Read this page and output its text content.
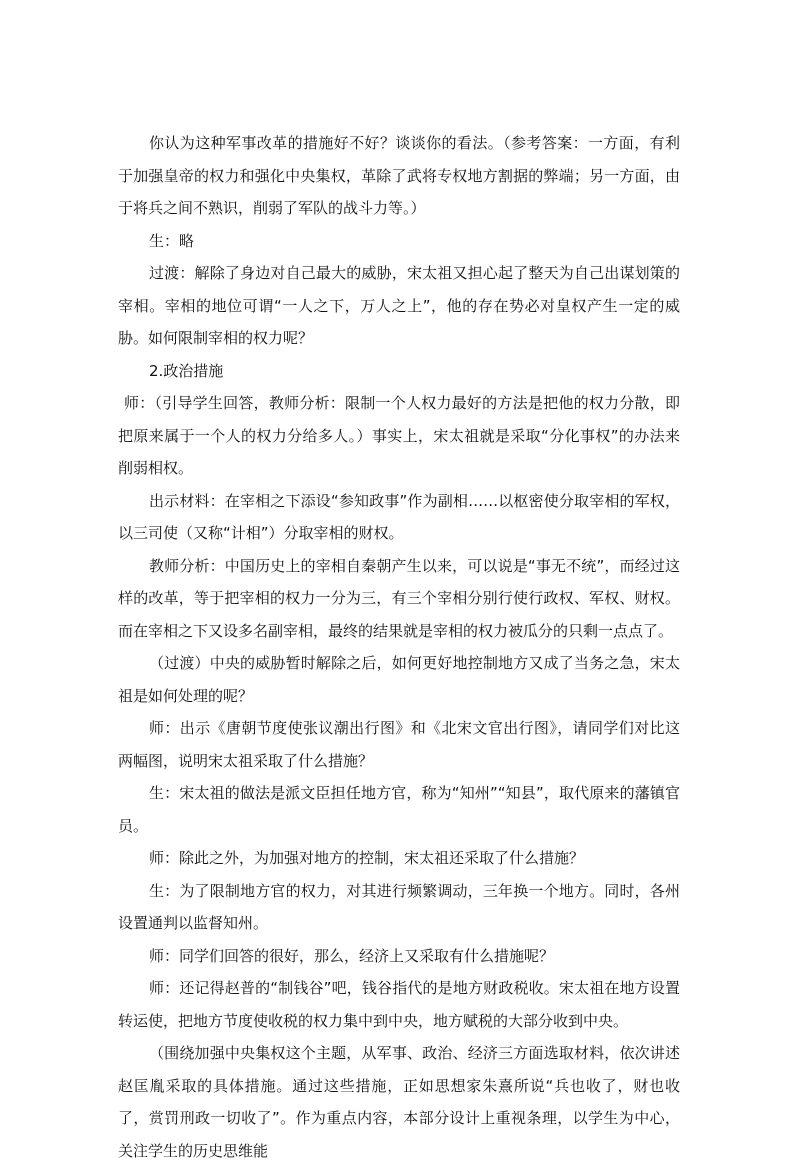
你认为这种军事改革的措施好不好？谈谈你的看法。（参考答案：一方面，有利于加强皇帝的权力和强化中央集权，革除了武将专权地方割据的弊端；另一方面，由于将兵之间不熟识，削弱了军队的战斗力等。）

生：略

过渡：解除了身边对自己最大的威胁，宋太祖又担心起了整天为自己出谋划策的宰相。宰相的地位可谓“一人之下，万人之上”，他的存在势必对皇权产生一定的威胁。如何限制宰相的权力呢？

2.政治措施

师：（引导学生回答，教师分析：限制一个人权力最好的方法是把他的权力分散，即把原来属于一个人的权力分给多人。）事实上，宋太祖就是采取“分化事权”的办法来削弱相权。

出示材料：在宰相之下添设“参知政事”作为副相……以枢密使分取宰相的军权，以三司使（又称“计相”）分取宰相的财权。

教师分析：中国历史上的宰相自秦朝产生以来，可以说是“事无不统”，而经过这样的改革，等于把宰相的权力一分为三，有三个宰相分别行使行政权、军权、财权。而在宰相之下又设多名副宰相，最终的结果就是宰相的权力被瓜分的只剩一点点了。

（过渡）中央的威胁暂时解除之后，如何更好地控制地方又成了当务之急，宋太祖是如何处理的呢？

师：出示《唐朝节度使张议潮出行图》和《北宋文官出行图》，请同学们对比这两幅图，说明宋太祖采取了什么措施？

生：宋太祖的做法是派文臣担任地方官，称为“知州”“知县”，取代原来的藩镇官员。

师：除此之外，为加强对地方的控制，宋太祖还采取了什么措施？

生：为了限制地方官的权力，对其进行频繁调动，三年换一个地方。同时，各州设置通判以监督知州。

师：同学们回答的很好，那么，经济上又采取有什么措施呢？

师：还记得赵普的“制钱谷”吧，钱谷指代的是地方财政税收。宋太祖在地方设置转运使，把地方节度使收税的权力集中到中央，地方赋税的大部分收到中央。

（围绕加强中央集权这个主题，从军事、政治、经济三方面选取材料，依次讲述赵匡胤采取的具体措施。通过这些措施，正如思想家朱熹所说“兵也收了，财也收了，赏罚刑政一切收了”。作为重点内容，本部分设计上重视条理，以学生为中心，关注学生的历史思维能
